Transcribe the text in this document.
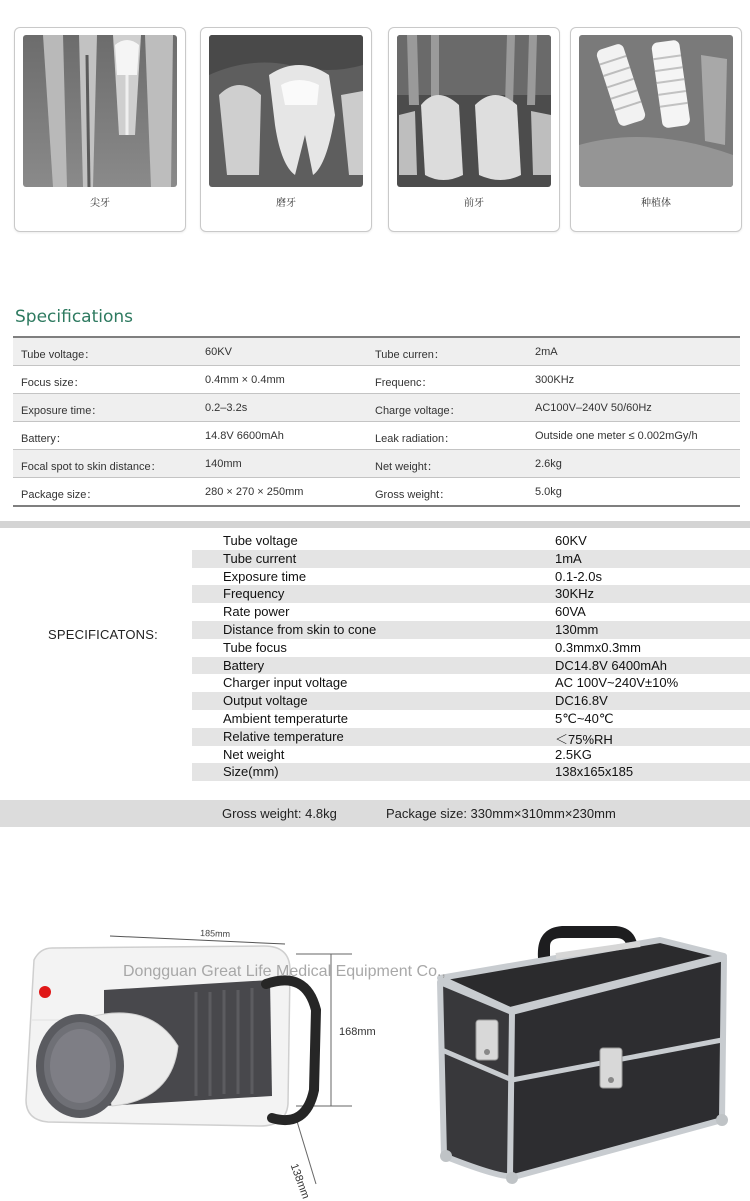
尖牙	磨牙	前牙	种植体
Specifications
Tube voltage：	60KV	Tube curren：	2mA
Focus size：	0.4mm × 0.4mm	Frequenc：	300KHz
Exposure time：	0.2–3.2s	Charge voltage：	AC100V–240V 50/60Hz
Battery：	14.8V 6600mAh	Leak radiation：	Outside one meter ≤ 0.002mGy/h
Focal spot to skin distance：	140mm	Net weight：	2.6kg
Package size：	280 × 270 × 250mm	Gross weight：	5.0kg
SPECIFICATONS:
Tube voltage	60KV
Tube current	1mA
Exposure time	0.1-2.0s
Frequency	30KHz
Rate power	60VA
Distance from skin to cone	130mm
Tube focus	0.3mmx0.3mm
Battery	DC14.8V 6400mAh
Charger input voltage	AC 100V~240V±10%
Output voltage	DC16.8V
Ambient temperaturte	5℃~40℃
Relative temperature	＜75%RH
Net weight	2.5KG
Size(mm)	138x165x185
Gross weight: 4.8kg	Package size: 330mm×310mm×230mm
185mm
Dongguan Great Life Medical Equipment Co.,
168mm
138mm
